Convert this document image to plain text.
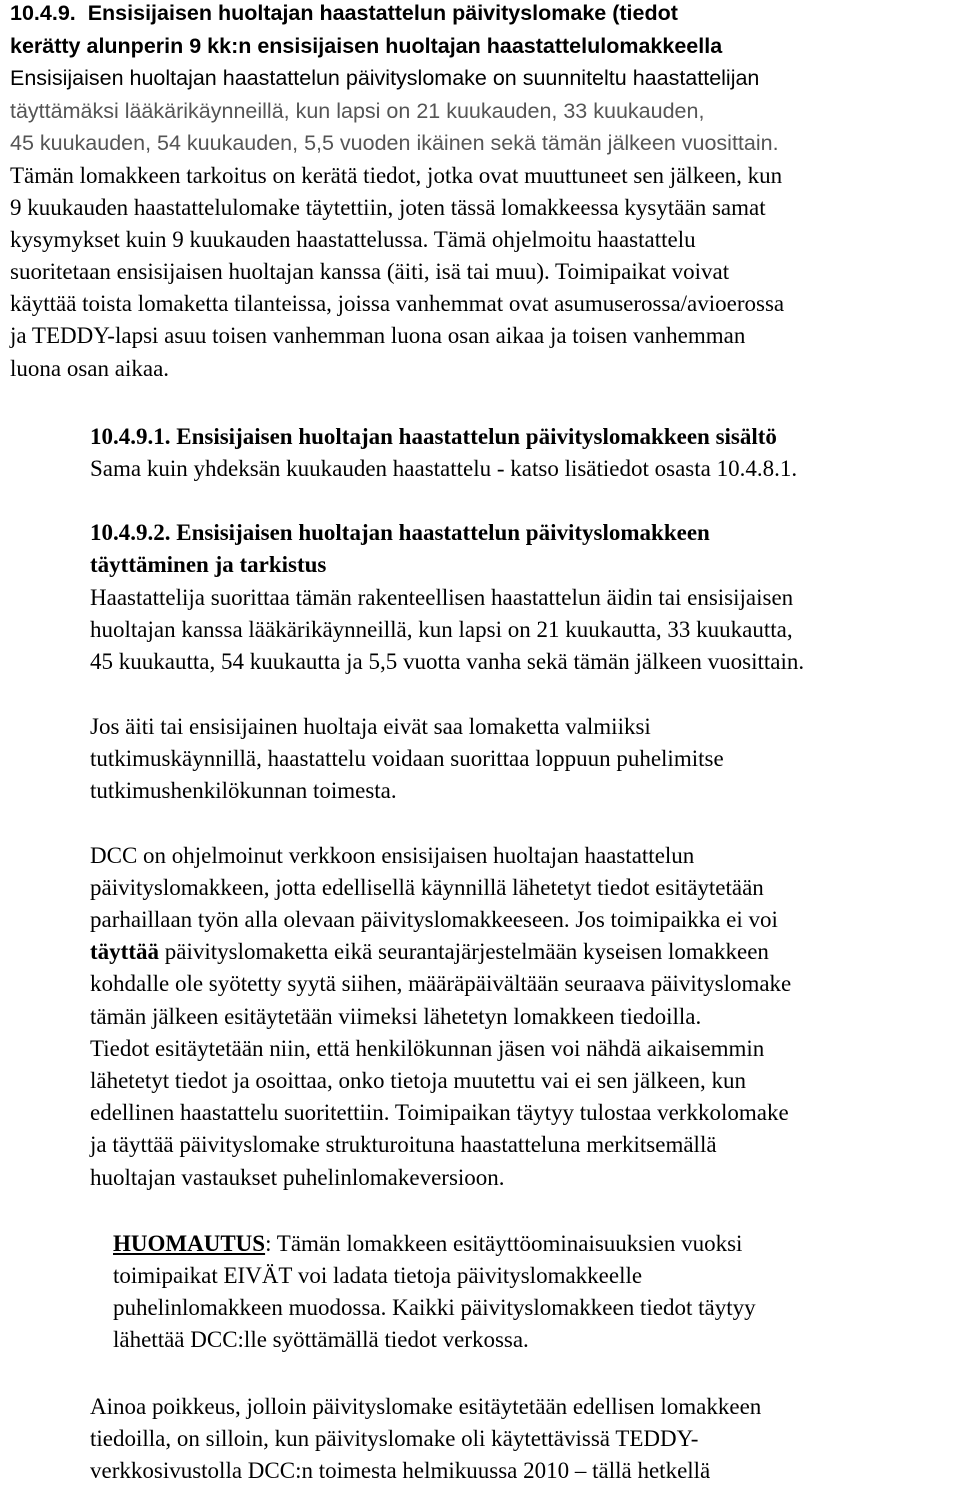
10.4.9. Ensisijaisen huoltajan haastattelun päivityslomake (tiedot
kerätty alunperin 9 kk:n ensisijaisen huoltajan haastattelulomakkeella
Ensisijaisen huoltajan haastattelun päivityslomake on suunniteltu haastattelijan
täyttämäksi lääkärikäynneillä, kun lapsi on 21 kuukauden, 33 kuukauden,
45 kuukauden, 54 kuukauden, 5,5 vuoden ikäinen sekä tämän jälkeen vuosittain.
Tämän lomakkeen tarkoitus on kerätä tiedot, jotka ovat muuttuneet sen jälkeen, kun
9 kuukauden haastattelulomake täytettiin, joten tässä lomakkeessa kysytään samat
kysymykset kuin 9 kuukauden haastattelussa. Tämä ohjelmoitu haastattelu
suoritetaan ensisijaisen huoltajan kanssa (äiti, isä tai muu). Toimipaikat voivat
käyttää toista lomaketta tilanteissa, joissa vanhemmat ovat asumuserossa/avioerossa
ja TEDDY-lapsi asuu toisen vanhemman luona osan aikaa ja toisen vanhemman
luona osan aikaa.
10.4.9.1. Ensisijaisen huoltajan haastattelun päivityslomakkeen sisältö
Sama kuin yhdeksän kuukauden haastattelu - katso lisätiedot osasta 10.4.8.1.
10.4.9.2. Ensisijaisen huoltajan haastattelun päivityslomakkeen
täyttäminen ja tarkistus
Haastattelija suorittaa tämän rakenteellisen haastattelun äidin tai ensisijaisen
huoltajan kanssa lääkärikäynneillä, kun lapsi on 21 kuukautta, 33 kuukautta,
45 kuukautta, 54 kuukautta ja 5,5 vuotta vanha sekä tämän jälkeen vuosittain.
Jos äiti tai ensisijainen huoltaja eivät saa lomaketta valmiiksi
tutkimuskäynnillä, haastattelu voidaan suorittaa loppuun puhelimitse
tutkimushenkilökunnan toimesta.
DCC on ohjelmoinut verkkoon ensisijaisen huoltajan haastattelun
päivityslomakkeen, jotta edellisellä käynnillä lähetetyt tiedot esitäytetään
parhaillaan työn alla olevaan päivityslomakkeeseen. Jos toimipaikka ei voi
täyttää päivityslomaketta eikä seurantajärjestelmään kyseisen lomakkeen
kohdalle ole syötetty syytä siihen, määräpäivältään seuraava päivityslomake
tämän jälkeen esitäytetään viimeksi lähetetyn lomakkeen tiedoilla.
Tiedot esitäytetään niin, että henkilökunnan jäsen voi nähdä aikaisemmin
lähetetyt tiedot ja osoittaa, onko tietoja muutettu vai ei sen jälkeen, kun
edellinen haastattelu suoritettiin. Toimipaikan täytyy tulostaa verkkolomake
ja täyttää päivityslomake strukturoituna haastatteluna merkitsemällä
huoltajan vastaukset puhelinlomakeversioon.
HUOMAUTUS: Tämän lomakkeen esitäyttöominaisuuksien vuoksi
toimipaikat EIVÄT voi ladata tietoja päivityslomakkeelle
puhelinlomakkeen muodossa. Kaikki päivityslomakkeen tiedot täytyy
lähettää DCC:lle syöttämällä tiedot verkossa.
Ainoa poikkeus, jolloin päivityslomake esitäytetään edellisen lomakkeen
tiedoilla, on silloin, kun päivityslomake oli käytettävissä TEDDY-
verkkosivustolla DCC:n toimesta helmikuussa 2010 – tällä hetkellä
